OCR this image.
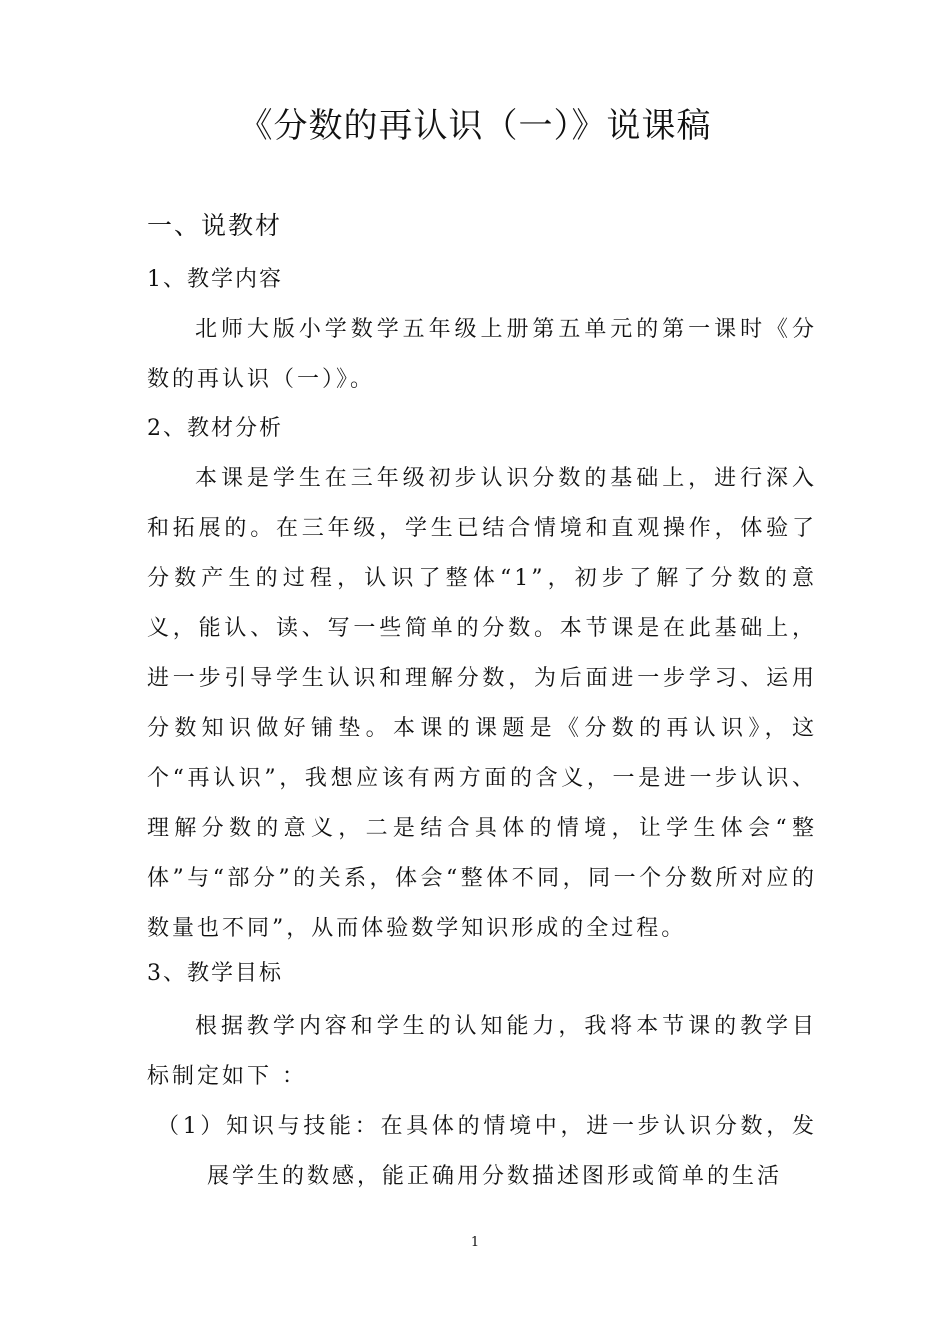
《分数的再认识（一）》说课稿
一、说教材
1、教学内容
北师大版小学数学五年级上册第五单元的第一课时《分数的再认识（一）》。
2、教材分析
本课是学生在三年级初步认识分数的基础上，进行深入和拓展的。在三年级，学生已结合情境和直观操作，体验了分数产生的过程，认识了整体“1”，初步了解了分数的意义，能认、读、写一些简单的分数。本节课是在此基础上，进一步引导学生认识和理解分数，为后面进一步学习、运用分数知识做好铺垫。本课的课题是《分数的再认识》，这个“再认识”，我想应该有两方面的含义，一是进一步认识、理解分数的意义，二是结合具体的情境，让学生体会“整体”与“部分”的关系，体会“整体不同，同一个分数所对应的数量也不同”，从而体验数学知识形成的全过程。
3、教学目标
根据教学内容和学生的认知能力，我将本节课的教学目标制定如下 ：
（1）知识与技能：在具体的情境中，进一步认识分数，发展学生的数感，能正确用分数描述图形或简单的生活
1
